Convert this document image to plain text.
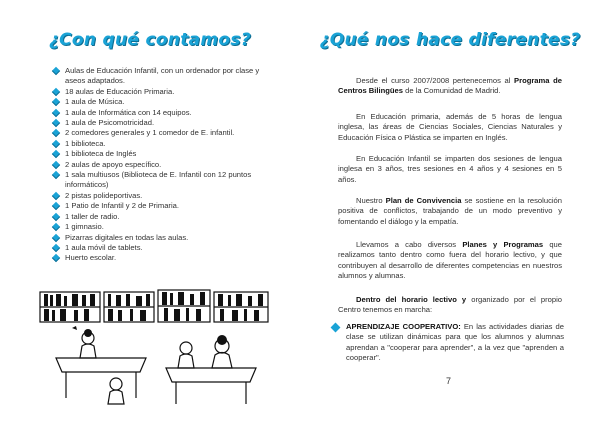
¿Con qué contamos?
Aulas de Educación Infantil, con un ordenador por clase y aseos adaptados.
18 aulas de Educación Primaria.
1 aula de Música.
1 aula de Informática con 14 equipos.
1 aula de Psicomotricidad.
2 comedores generales y 1 comedor de E. infantil.
1 biblioteca.
1 biblioteca de Inglés
2 aulas de apoyo específico.
1 sala multiusos (Biblioteca de E. Infantil con 12 puntos informáticos)
2 pistas polideportivas.
1 Patio de Infantil y 2 de Primaria.
1 taller de radio.
1 gimnasio.
Pizarras digitales en todas las aulas.
1 aula móvil de tablets.
Huerto escolar.
¿Qué nos hace diferentes?

Desde el curso 2007/2008 pertenecemos al Programa de Centros Bilingües de la Comunidad de Madrid.

En Educación primaria, además de 5 horas de lengua inglesa, las áreas de Ciencias Sociales, Ciencias Naturales y Educación Física o Plástica se imparten en Inglés.

En Educación Infantil se imparten dos sesiones de lengua inglesa en 3 años, tres sesiones en 4 años y 4 sesiones en 5 años.

Nuestro Plan de Convivencia se sostiene en la resolución positiva de conflictos, trabajando de un modo preventivo y fomentando el diálogo y la empatía.

Llevamos a cabo diversos Planes y Programas que realizamos tanto dentro como fuera del horario lectivo, y que contribuyen al desarrollo de diferentes competencias en nuestros alumnos y alumnas.

Dentro del horario lectivo y organizado por el propio Centro tenemos en marcha:

APRENDIZAJE COOPERATIVO: En las actividades diarias de clase se utilizan dinámicas para que los alumnos y alumnas aprendan a "cooperar para aprender", a la vez que "aprenden a cooperar".

7
